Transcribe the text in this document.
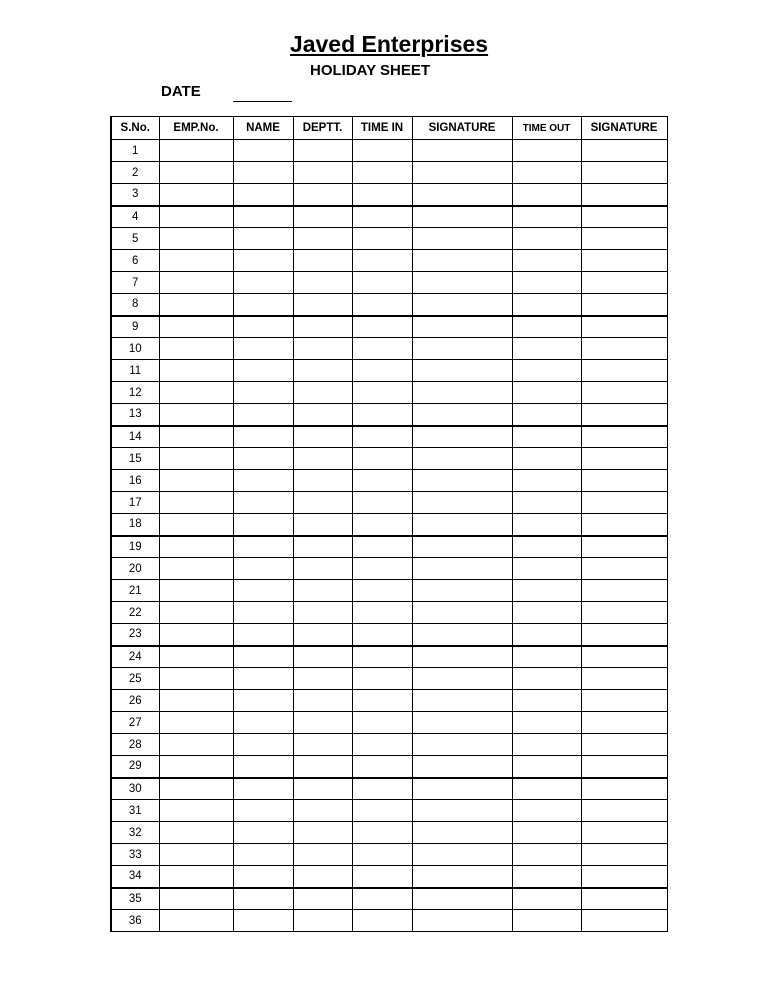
Javed Enterprises
HOLIDAY SHEET
DATE
S.No.	EMP.No.	NAME	DEPTT.	TIME IN	SIGNATURE	TIME OUT	SIGNATURE
1							
2							
3							
4							
5							
6							
7							
8							
9							
10							
11							
12							
13							
14							
15							
16							
17							
18							
19							
20							
21							
22							
23							
24							
25							
26							
27							
28							
29							
30							
31							
32							
33							
34							
35							
36							
